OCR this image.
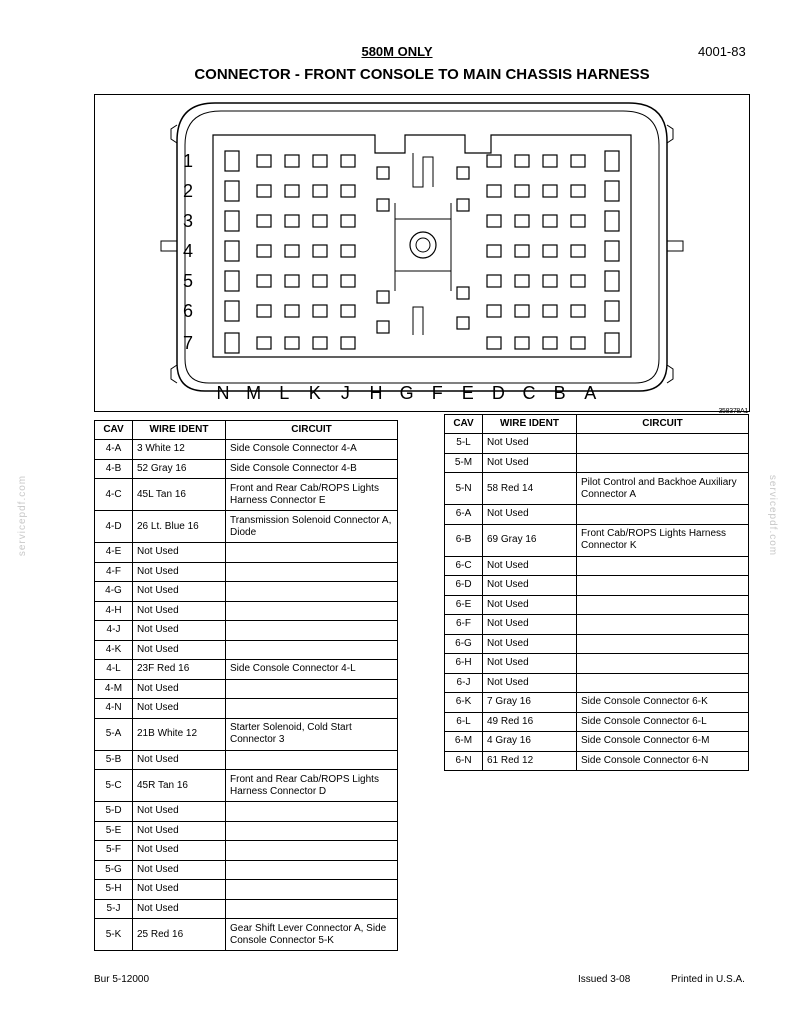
580M ONLY	4001-83
CONNECTOR - FRONT CONSOLE TO MAIN CHASSIS HARNESS
1
2
3
4
5
6
7
N M L K J H G F E D C B A
358378A1
CAV	WIRE IDENT	CIRCUIT
4-A	3 White 12	Side Console Connector 4-A
4-B	52 Gray 16	Side Console Connector 4-B
4-C	45L Tan 16	Front and Rear Cab/ROPS Lights Harness Connector E
4-D	26 Lt. Blue 16	Transmission Solenoid Connector A, Diode
4-E	Not Used	
4-F	Not Used	
4-G	Not Used	
4-H	Not Used	
4-J	Not Used	
4-K	Not Used	
4-L	23F Red 16	Side Console Connector 4-L
4-M	Not Used	
4-N	Not Used	
5-A	21B White 12	Starter Solenoid, Cold Start Connector 3
5-B	Not Used	
5-C	45R Tan 16	Front and Rear Cab/ROPS Lights Harness Connector D
5-D	Not Used	
5-E	Not Used	
5-F	Not Used	
5-G	Not Used	
5-H	Not Used	
5-J	Not Used	
5-K	25 Red 16	Gear Shift Lever Connector A, Side Console Connector 5-K
CAV	WIRE IDENT	CIRCUIT
5-L	Not Used	
5-M	Not Used	
5-N	58 Red 14	Pilot Control and Backhoe Auxiliary Connector A
6-A	Not Used	
6-B	69 Gray 16	Front Cab/ROPS Lights Harness Connector K
6-C	Not Used	
6-D	Not Used	
6-E	Not Used	
6-F	Not Used	
6-G	Not Used	
6-H	Not Used	
6-J	Not Used	
6-K	7 Gray 16	Side Console Connector 6-K
6-L	49 Red 16	Side Console Connector 6-L
6-M	4 Gray 16	Side Console Connector 6-M
6-N	61 Red 12	Side Console Connector 6-N
servicepdf.com	servicepdf.com
Bur 5-12000	Issued 3-08	Printed in U.S.A.
